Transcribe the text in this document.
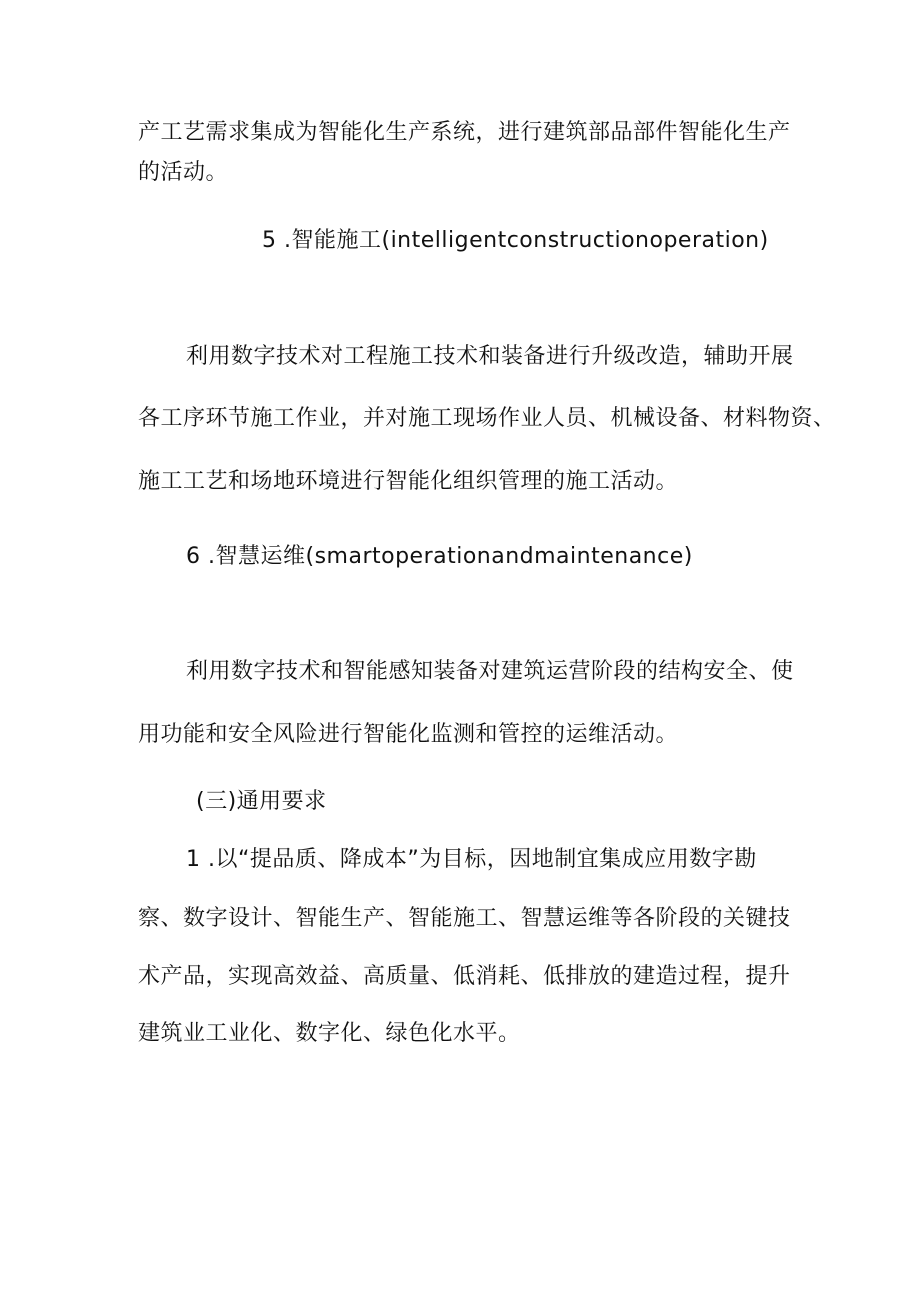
产工艺需求集成为智能化生产系统，进行建筑部品部件智能化生产
的活动。
5 .智能施工(intelligentconstructionoperation)
利用数字技术对工程施工技术和装备进行升级改造，辅助开展
各工序环节施工作业，并对施工现场作业人员、机械设备、材料物资、
施工工艺和场地环境进行智能化组织管理的施工活动。
6 .智慧运维(smartoperationandmaintenance)
利用数字技术和智能感知装备对建筑运营阶段的结构安全、使
用功能和安全风险进行智能化监测和管控的运维活动。
(三)通用要求
1 .以“提品质、降成本”为目标，因地制宜集成应用数字勘
察、数字设计、智能生产、智能施工、智慧运维等各阶段的关键技
术产品，实现高效益、高质量、低消耗、低排放的建造过程，提升
建筑业工业化、数字化、绿色化水平。
